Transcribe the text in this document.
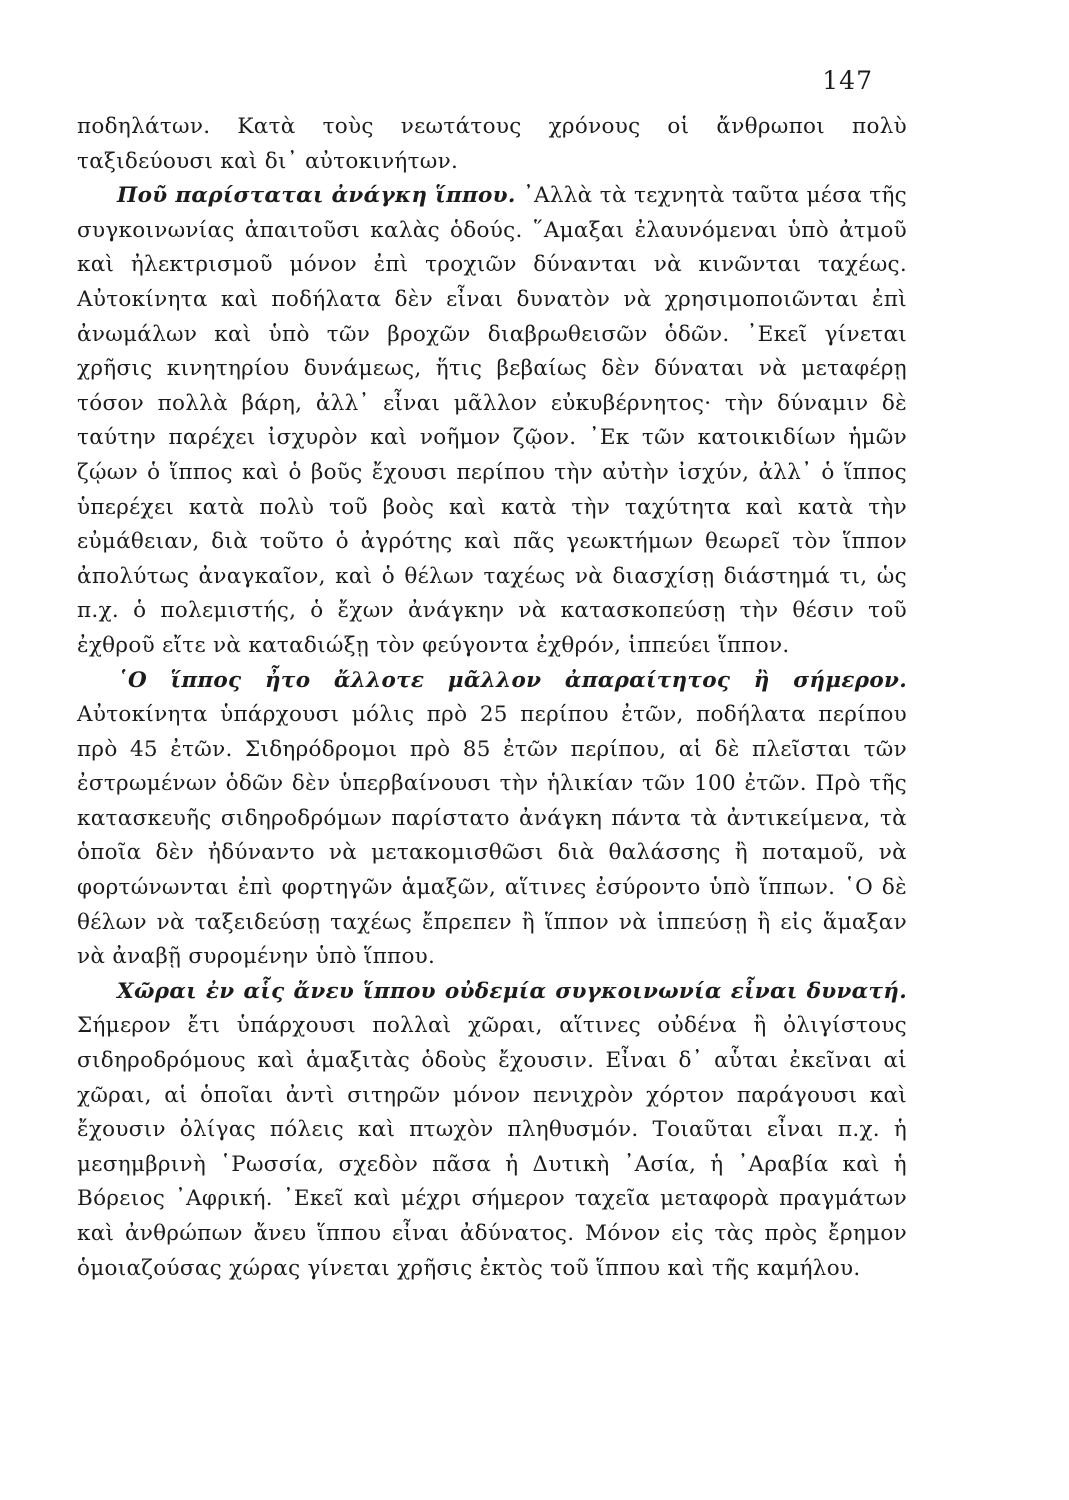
147

ποδηλάτων. Κατὰ τοὺς νεωτάτους χρόνους οἱ ἄνθρωποι πολὺ ταξιδεύουσι καὶ δι᾽ αὐτοκινήτων.

Ποῦ παρίσταται ἀνάγκη ἵππου. ᾽Αλλὰ τὰ τεχνητὰ ταῦτα μέσα τῆς συγκοινωνίας ἀπαιτοῦσι καλὰς ὁδούς. ῞Αμαξαι ἐλαυνόμεναι ὑπὸ ἀτμοῦ καὶ ἠλεκτρισμοῦ μόνον ἐπὶ τροχιῶν δύνανται νὰ κινῶνται ταχέως. Αὐτοκίνητα καὶ ποδήλατα δὲν εἶναι δυνατὸν νὰ χρησιμοποιῶνται ἐπὶ ἀνωμάλων καὶ ὑπὸ τῶν βροχῶν διαβρωθεισῶν ὁδῶν. ᾽Εκεῖ γίνεται χρῆσις κινητηρίου δυνάμεως, ἥτις βεβαίως δὲν δύναται νὰ μεταφέρῃ τόσον πολλὰ βάρη, ἀλλ᾽ εἶναι μᾶλλον εὐκυβέρνητος· τὴν δύναμιν δὲ ταύτην παρέχει ἰσχυρὸν καὶ νοῆμον ζῷον. ᾽Εκ τῶν κατοικιδίων ἡμῶν ζῴων ὁ ἵππος καὶ ὁ βοῦς ἔχουσι περίπου τὴν αὐτὴν ἰσχύν, ἀλλ᾽ ὁ ἵππος ὑπερέχει κατὰ πολὺ τοῦ βοὸς καὶ κατὰ τὴν ταχύτητα καὶ κατὰ τὴν εὐμάθειαν, διὰ τοῦτο ὁ ἀγρότης καὶ πᾶς γεωκτήμων θεωρεῖ τὸν ἵππον ἀπολύτως ἀναγκαῖον, καὶ ὁ θέλων ταχέως νὰ διασχίσῃ διάστημά τι, ὡς π.χ. ὁ πολεμιστής, ὁ ἔχων ἀνάγκην νὰ κατασκοπεύσῃ τὴν θέσιν τοῦ ἐχθροῦ εἴτε νὰ καταδιώξῃ τὸν φεύγοντα ἐχθρόν, ἱππεύει ἵππον.

῾Ο ἵππος ἦτο ἄλλοτε μᾶλλον ἀπαραίτητος ἢ σήμερον. Αὐτοκίνητα ὑπάρχουσι μόλις πρὸ 25 περίπου ἐτῶν, ποδήλατα περίπου πρὸ 45 ἐτῶν. Σιδηρόδρομοι πρὸ 85 ἐτῶν περίπου, αἱ δὲ πλεῖσται τῶν ἐστρωμένων ὁδῶν δὲν ὑπερβαίνουσι τὴν ἡλικίαν τῶν 100 ἐτῶν. Πρὸ τῆς κατασκευῆς σιδηροδρόμων παρίστατο ἀνάγκη πάντα τὰ ἀντικείμενα, τὰ ὁποῖα δὲν ἠδύναντο νὰ μετακομισθῶσι διὰ θαλάσσης ἢ ποταμοῦ, νὰ φορτώνωνται ἐπὶ φορτηγῶν ἁμαξῶν, αἵτινες ἐσύροντο ὑπὸ ἵππων. ῾Ο δὲ θέλων νὰ ταξειδεύσῃ ταχέως ἔπρεπεν ἢ ἵππον νὰ ἱππεύσῃ ἢ εἰς ἅμαξαν νὰ ἀναβῇ συρομένην ὑπὸ ἵππου.

Χῶραι ἐν αἷς ἄνευ ἵππου οὐδεμία συγκοινωνία εἶναι δυνατή. Σήμερον ἔτι ὑπάρχουσι πολλαὶ χῶραι, αἵτινες οὐδένα ἢ ὀλιγίστους σιδηροδρόμους καὶ ἁμαξιτὰς ὁδοὺς ἔχουσιν. Εἶναι δ᾽ αὗται ἐκεῖναι αἱ χῶραι, αἱ ὁποῖαι ἀντὶ σιτηρῶν μόνον πενιχρὸν χόρτον παράγουσι καὶ ἔχουσιν ὀλίγας πόλεις καὶ πτωχὸν πληθυσμόν. Τοιαῦται εἶναι π.χ. ἡ μεσημβρινὴ ῾Ρωσσία, σχεδὸν πᾶσα ἡ Δυτικὴ ᾽Ασία, ἡ ᾽Αραβία καὶ ἡ Βόρειος ᾽Αφρική. ᾽Εκεῖ καὶ μέχρι σήμερον ταχεῖα μεταφορὰ πραγμάτων καὶ ἀνθρώπων ἄνευ ἵππου εἶναι ἀδύνατος. Μόνον εἰς τὰς πρὸς ἔρημον ὁμοιαζούσας χώρας γίνεται χρῆσις ἐκτὸς τοῦ ἵππου καὶ τῆς καμήλου.
